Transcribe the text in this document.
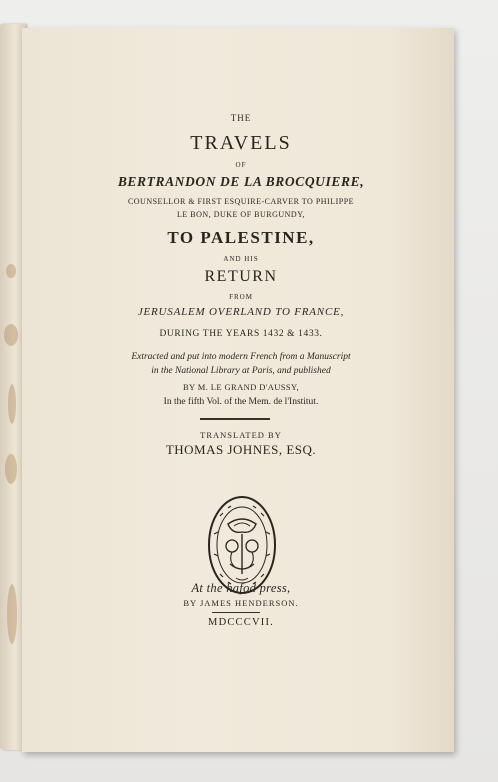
THE
TRAVELS
OF
BERTRANDON DE LA BROCQUIERE,
COUNSELLOR & FIRST ESQUIRE-CARVER TO PHILIPPE
LE BON, DUKE OF BURGUNDY,
TO PALESTINE,
AND HIS
RETURN
FROM
JERUSALEM OVERLAND TO FRANCE,
DURING THE YEARS 1432 & 1433.
Extracted and put into modern French from a Manuscript
in the National Library at Paris, and published
BY M. LE GRAND D'AUSSY,
In the fifth Vol. of the Mem. de l'Institut.
TRANSLATED BY
THOMAS JOHNES, ESQ.
At the hafod press,
BY JAMES HENDERSON.
MDCCCVII.
